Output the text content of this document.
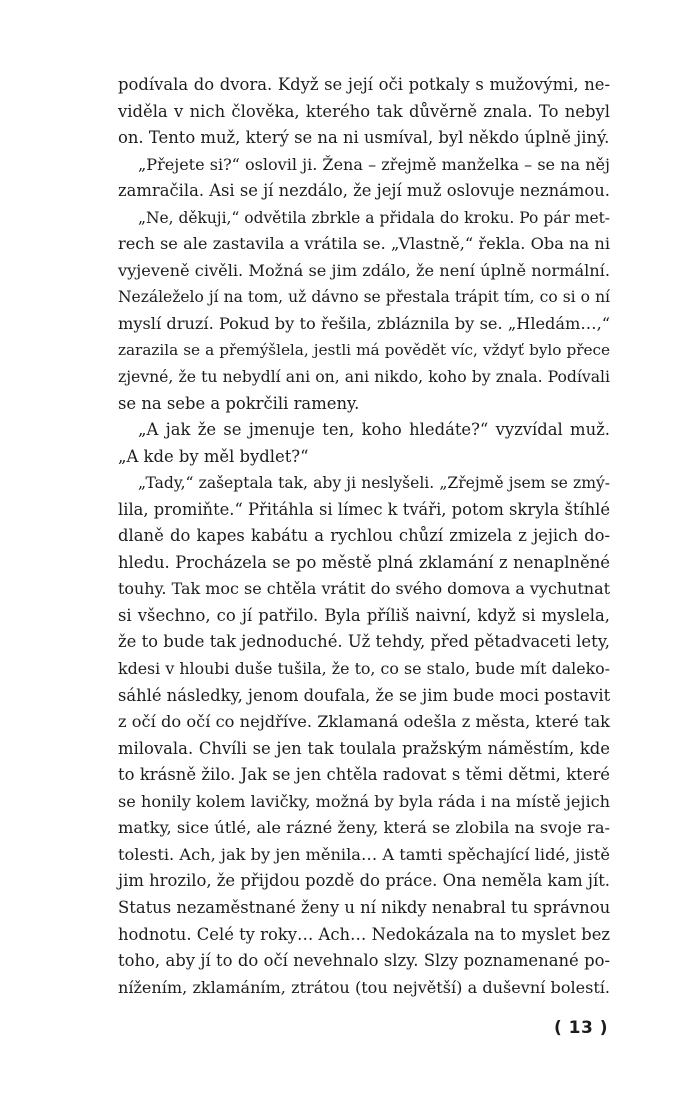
podívala do dvora. Když se její oči potkaly s mužovými, ne-
viděla v nich člověka, kterého tak důvěrně znala. To nebyl
on. Tento muž, který se na ni usmíval, byl někdo úplně jiný.
„Přejete si?“ oslovil ji. Žena – zřejmě manželka – se na něj
zamračila. Asi se jí nezdálo, že její muž oslovuje neznámou.
„Ne, děkuji,“ odvětila zbrkle a přidala do kroku. Po pár met-
rech se ale zastavila a vrátila se. „Vlastně,“ řekla. Oba na ni
vyjeveně civěli. Možná se jim zdálo, že není úplně normální.
Nezáleželo jí na tom, už dávno se přestala trápit tím, co si o ní
myslí druzí. Pokud by to řešila, zbláznila by se. „Hledám…,“
zarazila se a přemýšlela, jestli má povědět víc, vždyť bylo přece
zjevné, že tu nebydlí ani on, ani nikdo, koho by znala. Podívali
se na sebe a pokrčili rameny.
„A jak že se jmenuje ten, koho hledáte?“ vyzvídal muž.
„A kde by měl bydlet?“
„Tady,“ zašeptala tak, aby ji neslyšeli. „Zřejmě jsem se zmý-
lila, promiňte.“ Přitáhla si límec k tváři, potom skryla štíhlé
dlaně do kapes kabátu a rychlou chůzí zmizela z jejich do-
hledu. Procházela se po městě plná zklamání z nenaplněné
touhy. Tak moc se chtěla vrátit do svého domova a vychutnat
si všechno, co jí patřilo. Byla příliš naivní, když si myslela,
že to bude tak jednoduché. Už tehdy, před pětadvaceti lety,
kdesi v hloubi duše tušila, že to, co se stalo, bude mít daleko-
sáhlé následky, jenom doufala, že se jim bude moci postavit
z očí do očí co nejdříve. Zklamaná odešla z města, které tak
milovala. Chvíli se jen tak toulala pražským náměstím, kde
to krásně žilo. Jak se jen chtěla radovat s těmi dětmi, které
se honily kolem lavičky, možná by byla ráda i na místě jejich
matky, sice útlé, ale rázné ženy, která se zlobila na svoje ra-
tolesti. Ach, jak by jen měnila… A tamti spěchající lidé, jistě
jim hrozilo, že přijdou pozdě do práce. Ona neměla kam jít.
Status nezaměstnané ženy u ní nikdy nenabral tu správnou
hodnotu. Celé ty roky… Ach… Nedokázala na to myslet bez
toho, aby jí to do očí nevehnalo slzy. Slzy poznamenané po-
nížením, zklamáním, ztrátou (tou největší) a duševní bolestí.
( 13 )
